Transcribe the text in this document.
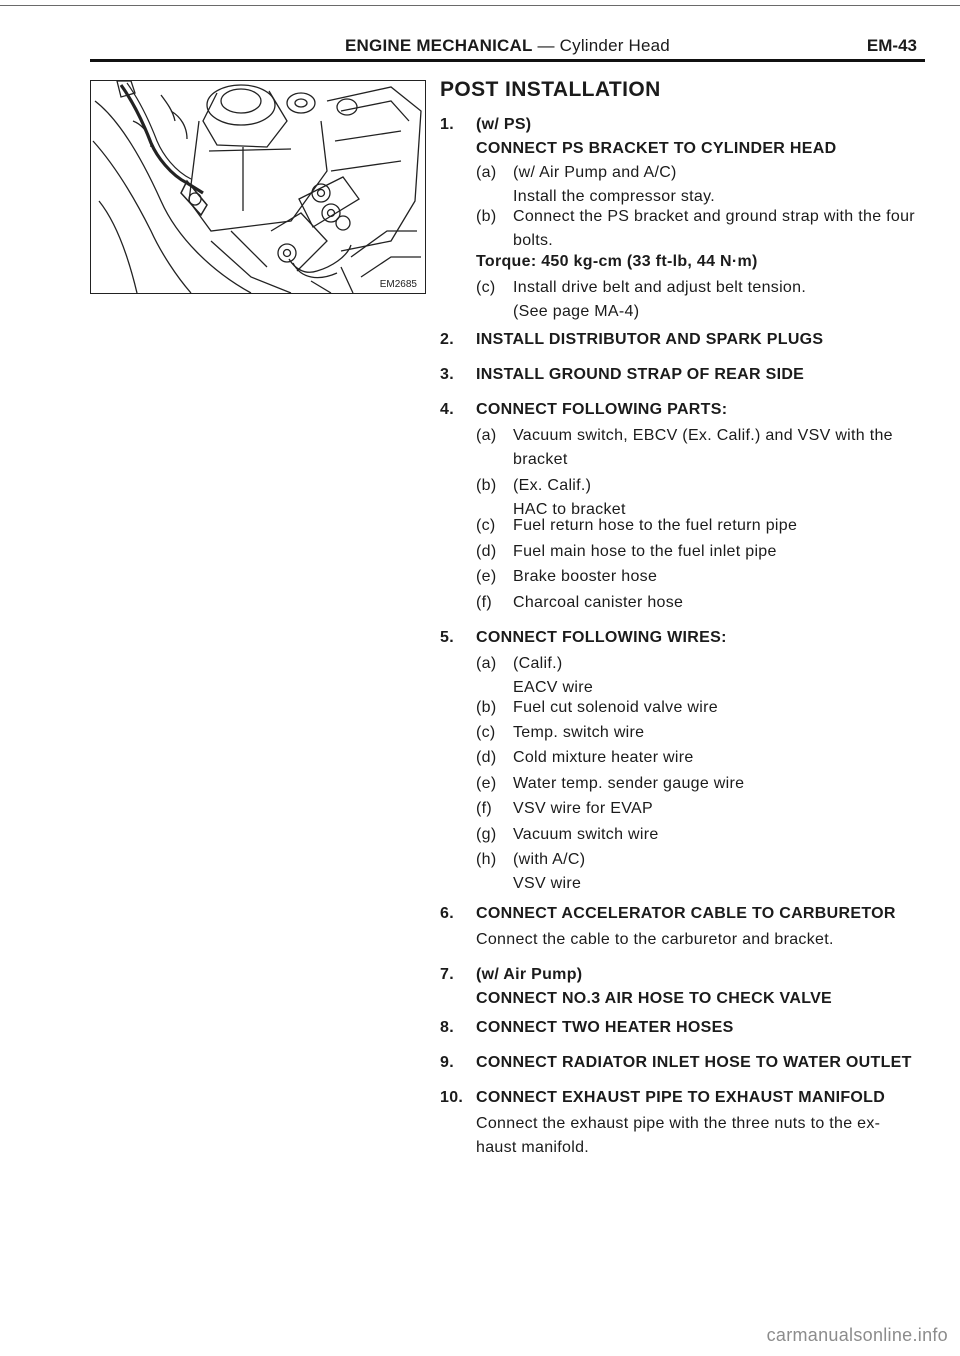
ENGINE MECHANICAL — Cylinder Head	EM-43
EM2685
POST INSTALLATION
1.	(w/ PS)
CONNECT PS BRACKET TO CYLINDER HEAD
(a)	(w/ Air Pump and A/C)
Install the compressor stay.
(b)	Connect the PS bracket and ground strap with the four
bolts.
Torque: 450 kg-cm (33 ft-lb, 44 N·m)
(c)	Install drive belt and adjust belt tension.
(See page MA-4)
2.	INSTALL DISTRIBUTOR AND SPARK PLUGS
3.	INSTALL GROUND STRAP OF REAR SIDE
4.	CONNECT FOLLOWING PARTS:
(a)	Vacuum switch, EBCV (Ex. Calif.) and VSV with the
bracket
(b)	(Ex. Calif.)
HAC to bracket
(c)	Fuel return hose to the fuel return pipe
(d)	Fuel main hose to the fuel inlet pipe
(e)	Brake booster hose
(f)	Charcoal canister hose
5.	CONNECT FOLLOWING WIRES:
(a)	(Calif.)
EACV wire
(b)	Fuel cut solenoid valve wire
(c)	Temp. switch wire
(d)	Cold mixture heater wire
(e)	Water temp. sender gauge wire
(f)	VSV wire for EVAP
(g)	Vacuum switch wire
(h)	(with A/C)
VSV wire
6.	CONNECT ACCELERATOR CABLE TO CARBURETOR
Connect the cable to the carburetor and bracket.
7.	(w/ Air Pump)
CONNECT NO.3 AIR HOSE TO CHECK VALVE
8.	CONNECT TWO HEATER HOSES
9.	CONNECT RADIATOR INLET HOSE TO WATER OUTLET
10. CONNECT EXHAUST PIPE TO EXHAUST MANIFOLD
Connect the exhaust pipe with the three nuts to the ex-
haust manifold.
carmanualsonline.info
